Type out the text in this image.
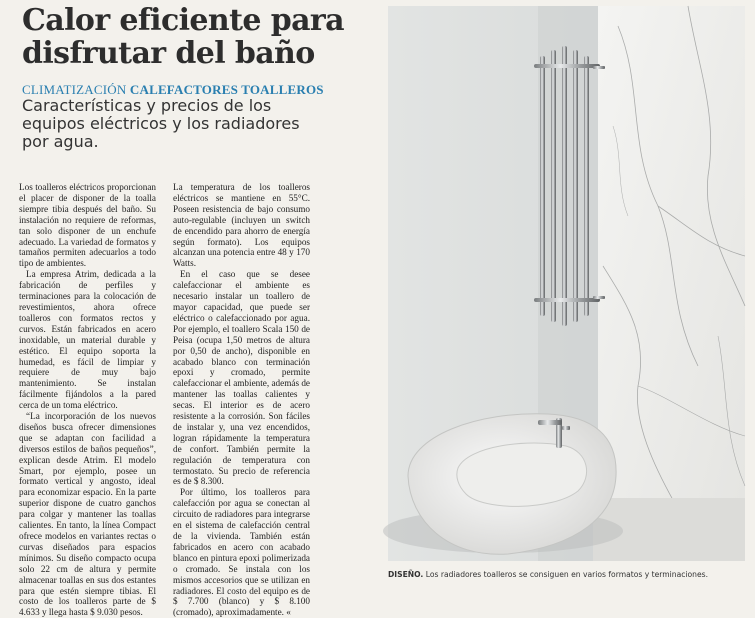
Calor eficiente para disfrutar del baño
CLIMATIZACIÓN CALEFACTORES TOALLEROS
Características y precios de los equipos eléctricos y los radiadores por agua.

Los toalleros eléctricos proporcionan el placer de disponer de la toalla siempre tibia después del baño. Su instalación no requiere de reformas, tan solo disponer de un enchufe adecuado. La variedad de formatos y tamaños permiten adecuarlos a todo tipo de ambientes.

La empresa Atrim, dedicada a la fabricación de perfiles y terminaciones para la colocación de revestimientos, ahora ofrece toalleros con formatos rectos y curvos. Están fabricados en acero inoxidable, un material durable y estético. El equipo soporta la humedad, es fácil de limpiar y requiere de muy bajo mantenimiento. Se instalan fácilmente fijándolos a la pared cerca de un toma eléctrico.

“La incorporación de los nuevos diseños busca ofrecer dimensiones que se adaptan con facilidad a diversos estilos de baños pequeños”, explican desde Atrim. El modelo Smart, por ejemplo, posee un formato vertical y angosto, ideal para economizar espacio. En la parte superior dispone de cuatro ganchos para colgar y mantener las toallas calientes. En tanto, la línea Compact ofrece modelos en variantes rectas o curvas diseñados para espacios mínimos. Su diseño compacto ocupa solo 22 cm de altura y permite almacenar toallas en sus dos estantes para que estén siempre tibias. El costo de los toalleros parte de $ 4.633 y llega hasta $ 9.030 pesos.

La temperatura de los toalleros eléctricos se mantiene en 55°C. Poseen resistencia de bajo consumo auto-regulable (incluyen un switch de encendido para ahorro de energía según formato). Los equipos alcanzan una potencia entre 48 y 170 Watts.

En el caso que se desee calefaccionar el ambiente es necesario instalar un toallero de mayor capacidad, que puede ser eléctrico o calefaccionado por agua. Por ejemplo, el toallero Scala 150 de Peisa (ocupa 1,50 metros de altura por 0,50 de ancho), disponible en acabado blanco con terminación epoxi y cromado, permite calefaccionar el ambiente, además de mantener las toallas calientes y secas. El interior es de acero resistente a la corrosión. Son fáciles de instalar y, una vez encendidos, logran rápidamente la temperatura de confort. También permite la regulación de temperatura con termostato. Su precio de referencia es de $ 8.300.

Por último, los toalleros para calefacción por agua se conectan al circuito de radiadores para integrarse en el sistema de calefacción central de la vivienda. También están fabricados en acero con acabado blanco en pintura epoxi polimerizada o cromado. Se instala con los mismos accesorios que se utilizan en radiadores. El costo del equipo es de $ 7.700 (blanco) y $ 8.100 (cromado), aproximadamente. «

DISEÑO. Los radiadores toalleros se consiguen en varios formatos y terminaciones.
